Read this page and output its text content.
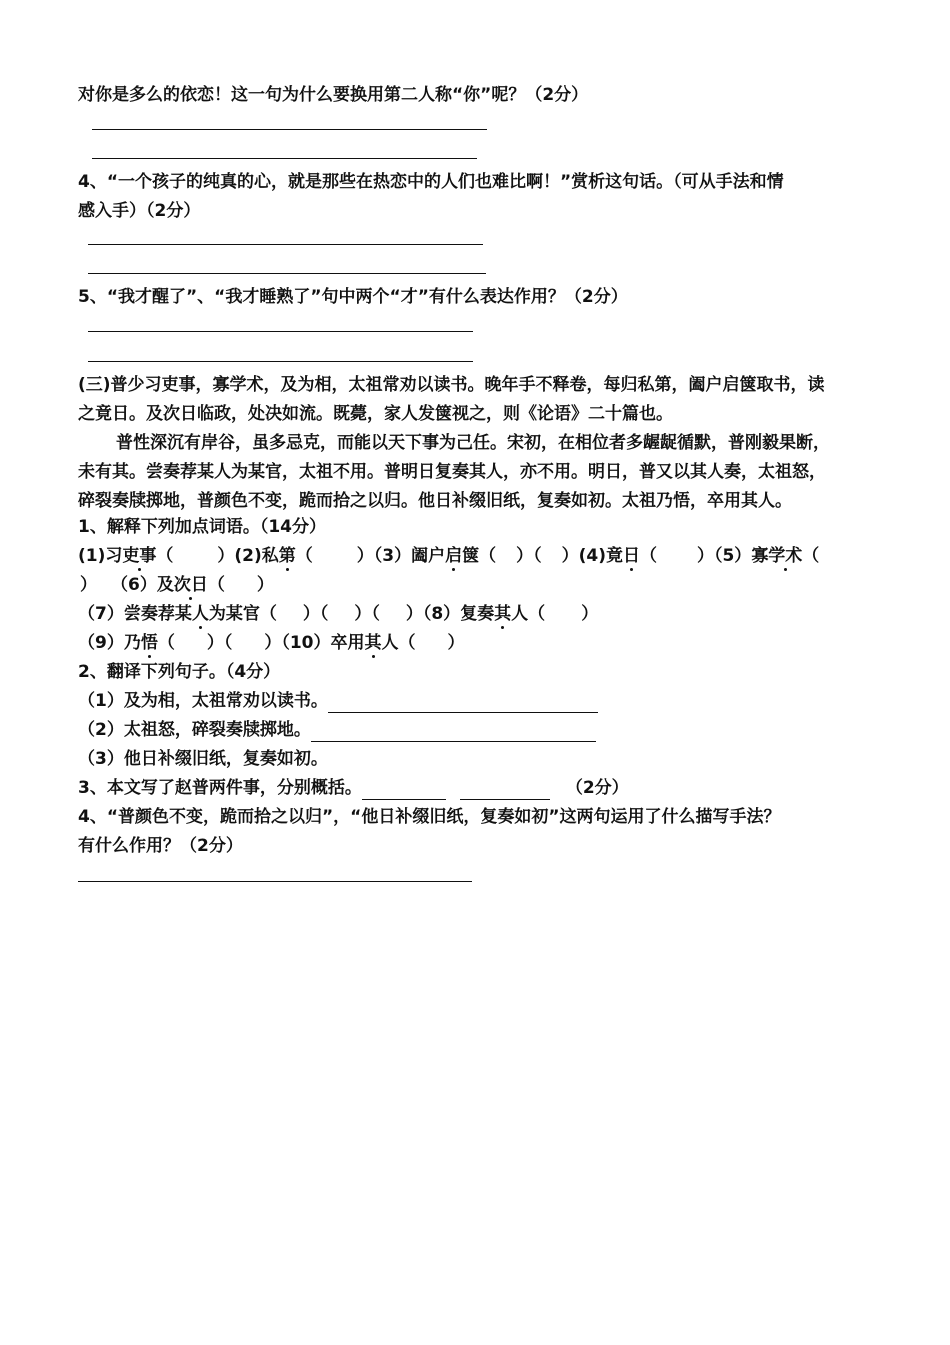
对你是多么的依恋！这一句为什么要换用第二人称“你”呢？（2分）
4、“一个孩子的纯真的心，就是那些在热恋中的人们也难比啊！”赏析这句话。（可从手法和情
感入手）（2分）
5、“我才醒了”、“我才睡熟了”句中两个“才”有什么表达作用？（2分）
(三)普少习吏事，寡学术，及为相，太祖常劝以读书。晚年手不释卷，每归私第，阖户启箧取书，读
之竟日。及次日临政，处决如流。既薨，家人发箧视之，则《论语》二十篇也。
普性深沉有岸谷，虽多忌克，而能以天下事为己任。宋初，在相位者多龌龊循默，普刚毅果断，
未有其。尝奏荐某人为某官，太祖不用。普明日复奏其人，亦不用。明日，普又以其人奏，太祖怒，
碎裂奏牍掷地，普颜色不变，跪而拾之以归。他日补缀旧纸，复奏如初。太祖乃悟，卒用其人。
1、解释下列加点词语。（14分）
(1)习吏事（	）(2)私第（	）（3）阖户启箧（ ）（ ）(4)竟日（ ）（5）寡学术（
） （6）及次日（ ）
（7）尝奏荐某人为某官（ ）（ ）（ ）（8）复奏其人（ ）
（9）乃悟（ ）（ ）（10）卒用其人（ ）
2、翻译下列句子。（4分）
（1）及为相，太祖常劝以读书。
（2）太祖怒，碎裂奏牍掷地。
（3）他日补缀旧纸，复奏如初。
3、本文写了赵普两件事，分别概括。	（2分）
4、“普颜色不变，跪而拾之以归”，“他日补缀旧纸，复奏如初”这两句运用了什么描写手法？
有什么作用？（2分）
